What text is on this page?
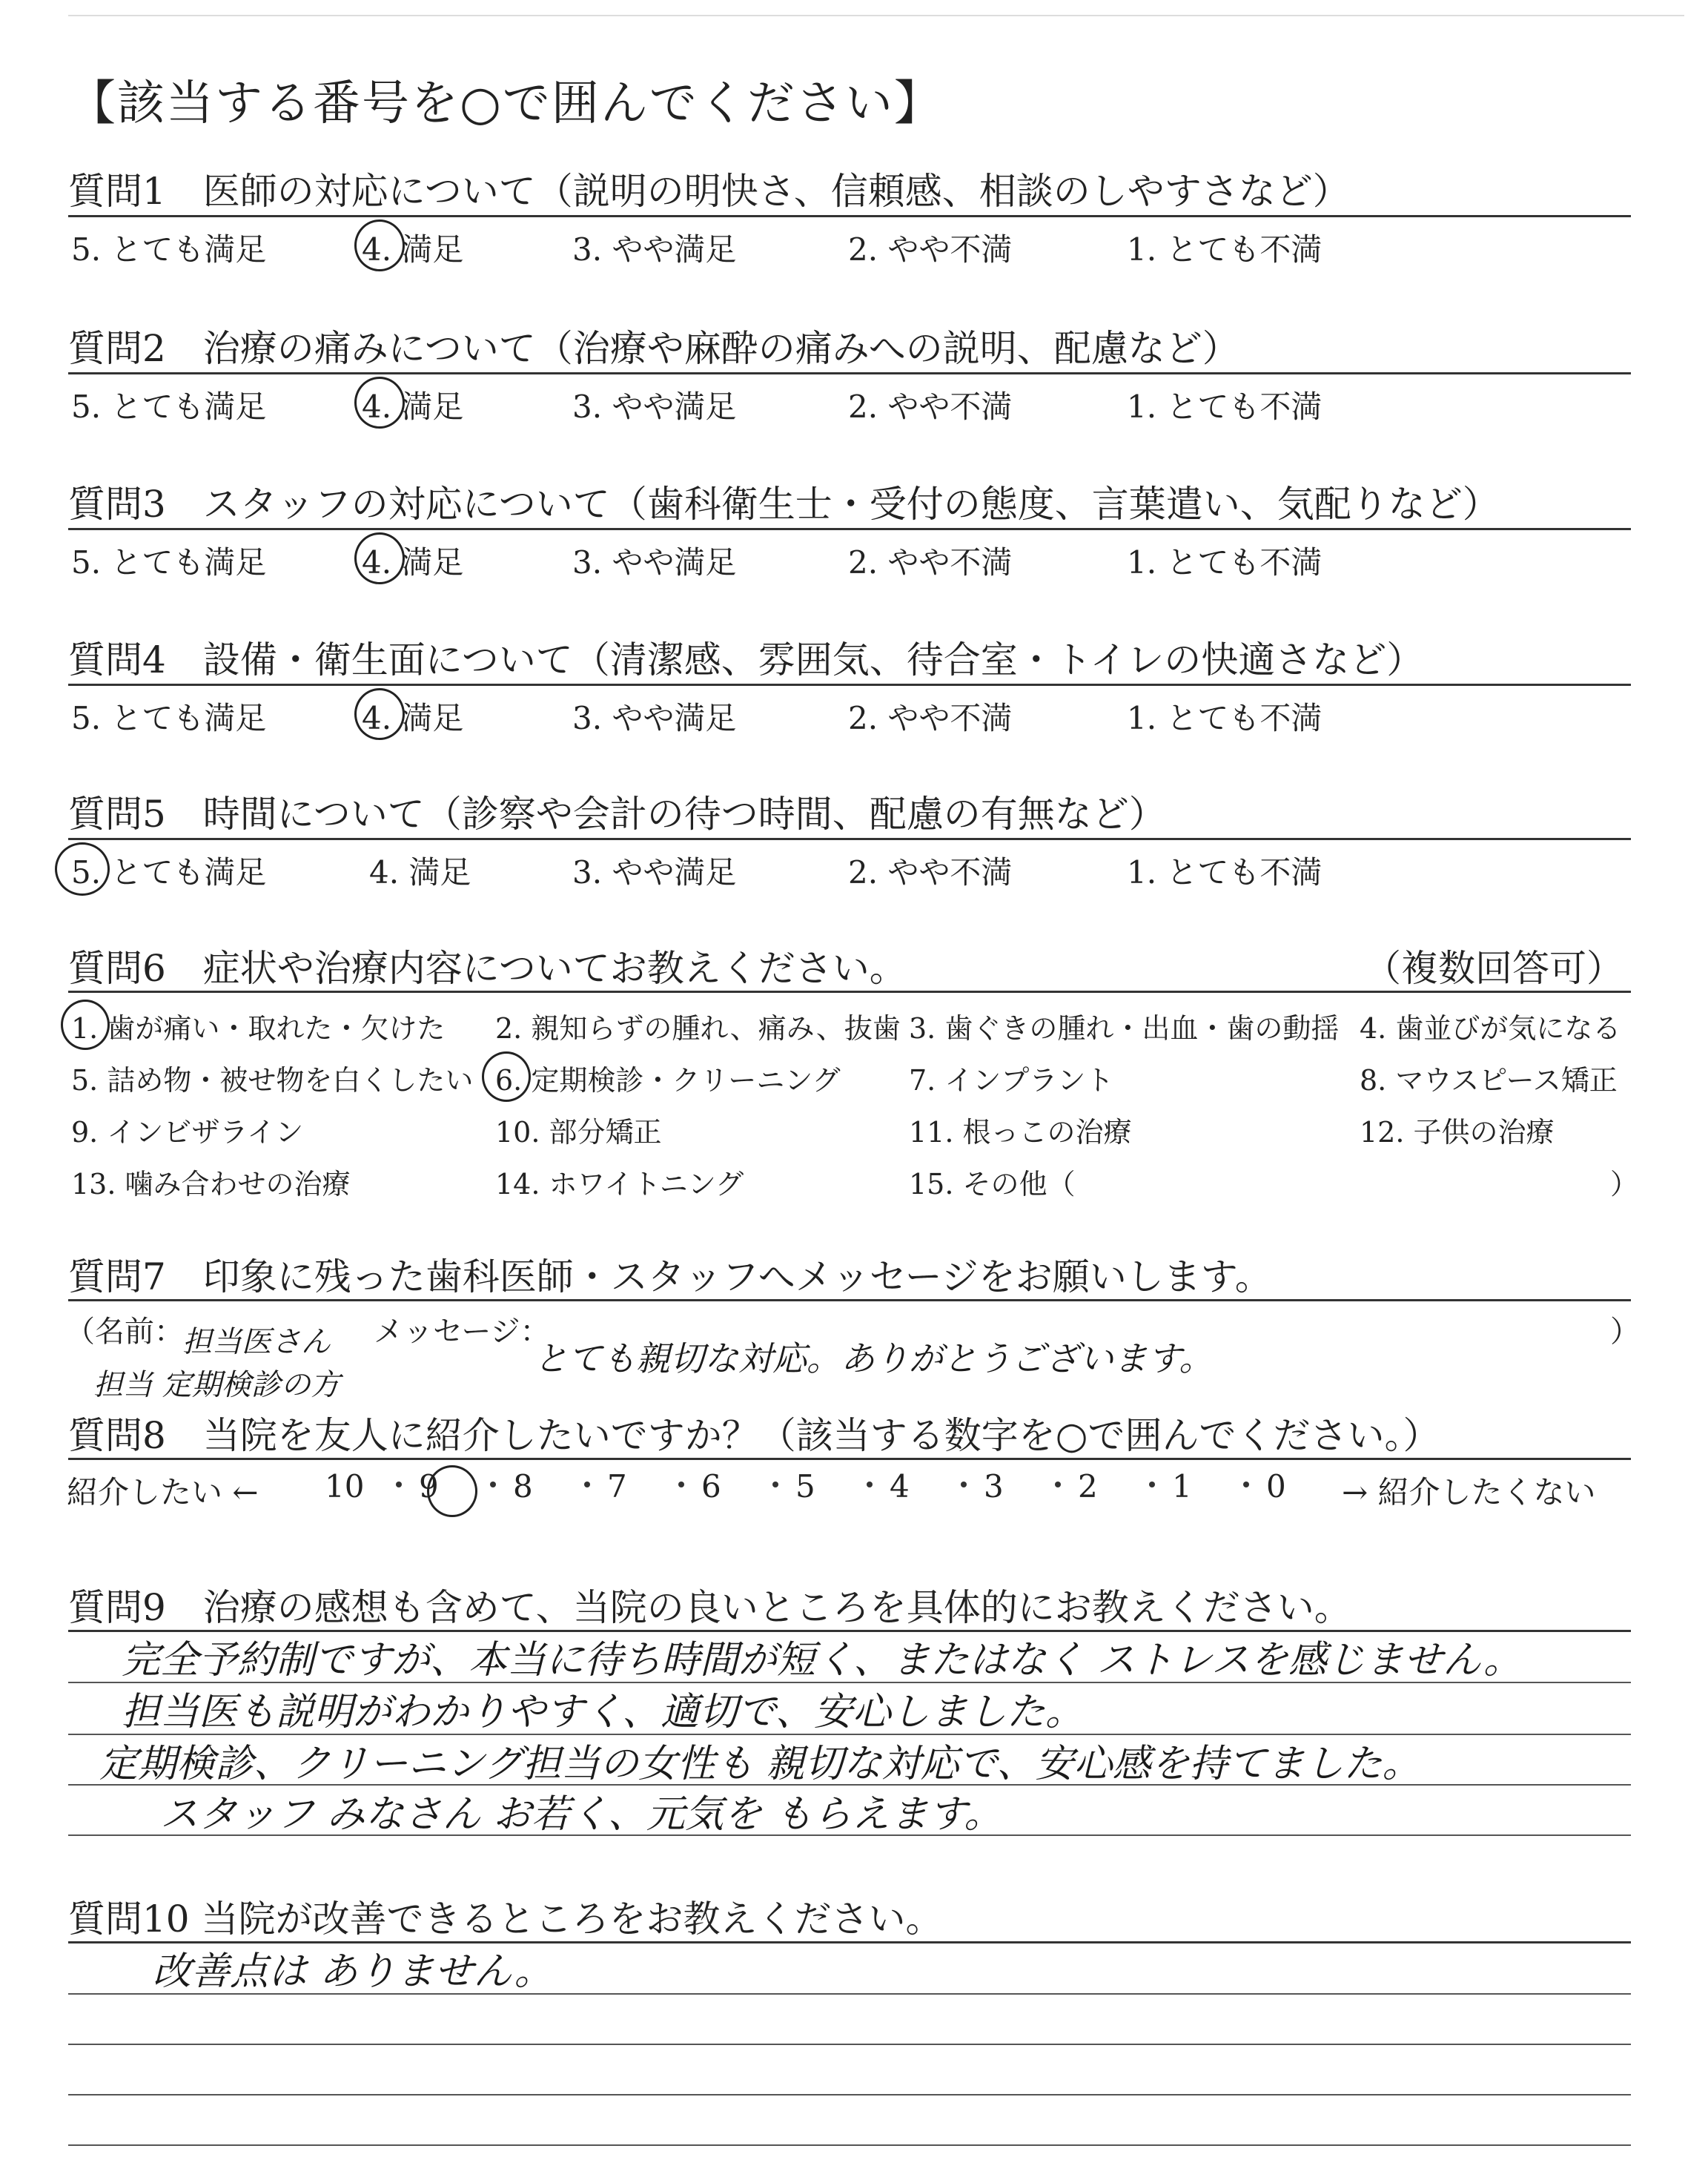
【該当する番号を○で囲んでください】
質問1　医師の対応について（説明の明快さ、信頼感、相談のしやすさなど）
5. とても満足	4. 満足	3. やや満足	2. やや不満	1. とても不満
質問2　治療の痛みについて（治療や麻酔の痛みへの説明、配慮など）
5. とても満足	4. 満足	3. やや満足	2. やや不満	1. とても不満
質問3　スタッフの対応について（歯科衛生士・受付の態度、言葉遣い、気配りなど）
5. とても満足	4. 満足	3. やや満足	2. やや不満	1. とても不満
質問4　設備・衛生面について（清潔感、雰囲気、待合室・トイレの快適さなど）
5. とても満足	4. 満足	3. やや満足	2. やや不満	1. とても不満
質問5　時間について（診察や会計の待つ時間、配慮の有無など）
5. とても満足	4. 満足	3. やや満足	2. やや不満	1. とても不満
質問6　症状や治療内容についてお教えください。	（複数回答可）
1. 歯が痛い・取れた・欠けた 2. 親知らずの腫れ、痛み、抜歯 3. 歯ぐきの腫れ・出血・歯の動揺 4. 歯並びが気になる
5. 詰め物・被せ物を白くしたい 6. 定期検診・クリーニング 7. インプラント	8. マウスピース矯正
9. インビザライン	10. 部分矯正	11. 根っこの治療	12. 子供の治療
13. 噛み合わせの治療	14. ホワイトニング	15. その他（	）
質問7　印象に残った歯科医師・スタッフへメッセージをお願いします。
（名前：	メッセージ：	）
担当医さん
担当 定期検診の方
とても親切な対応。ありがとうございます。
質問8　当院を友人に紹介したいですか？（該当する数字を○で囲んでください。）
紹介したい ←	→ 紹介したくない
10 9 8 7 6 5 4 3 2 1 0
質問9　治療の感想も含めて、当院の良いところを具体的にお教えください。
完全予約制ですが、本当に待ち時間が短く、またはなく ストレスを感じません。
担当医も説明がわかりやすく、適切で、安心しました。
定期検診、クリーニング担当の女性も 親切な対応で、安心感を持てました。
スタッフ みなさん お若く、元気を もらえます。
質問10 当院が改善できるところをお教えください。
改善点は ありません。
